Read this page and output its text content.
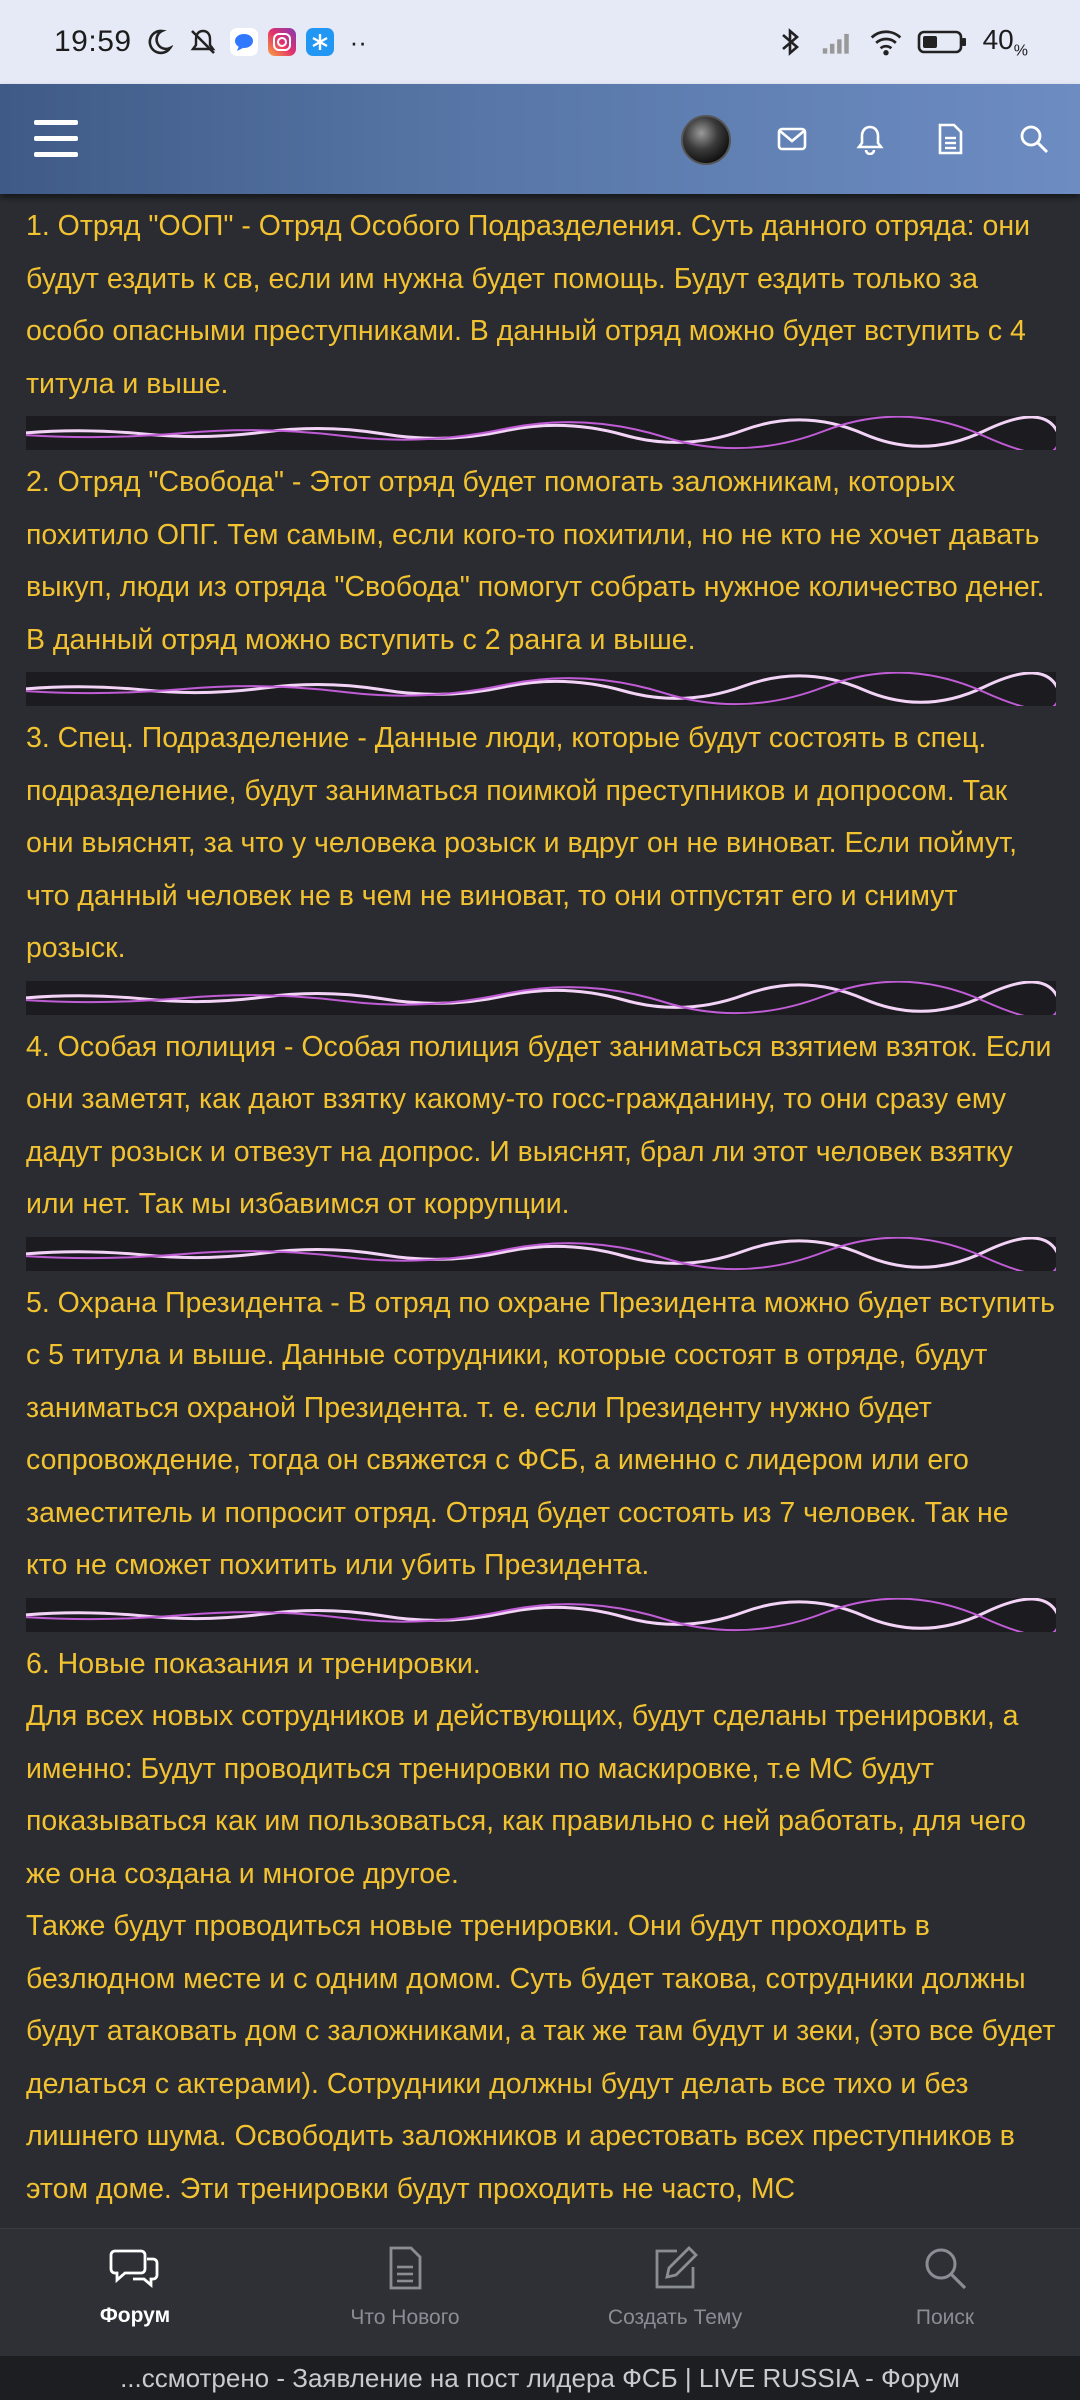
19:59	··	$40_{\%}$

1. Отряд "ООП" - Отряд Особого Подразделения. Суть данного отряда: они будут ездить к св, если им нужна будет помощь. Будут ездить только за особо опасными преступниками. В данный отряд можно будет вступить с 4 титула и выше.

2. Отряд "Свобода" - Этот отряд будет помогать заложникам, которых похитило ОПГ. Тем самым, если кого-то похитили, но не кто не хочет давать выкуп, люди из отряда "Свобода" помогут собрать нужное количество денег. В данный отряд можно вступить с 2 ранга и выше.

3. Спец. Подразделение - Данные люди, которые будут состоять в спец. подразделение, будут заниматься поимкой преступников и допросом. Так они выяснят, за что у человека розыск и вдруг он не виноват. Если поймут, что данный человек не в чем не виноват, то они отпустят его и снимут розыск.

4. Особая полиция - Особая полиция будет заниматься взятием взяток. Если они заметят, как дают взятку какому-то госс-гражданину, то они сразу ему дадут розыск и отвезут на допрос. И выяснят, брал ли этот человек взятку или нет. Так мы избавимся от коррупции.

5. Охрана Президента - В отряд по охране Президента можно будет вступить с 5 титула и выше. Данные сотрудники, которые состоят в отряде, будут заниматься охраной Президента. т. е. если Президенту нужно будет сопровождение, тогда он свяжется с ФСБ, а именно с лидером или его заместитель и попросит отряд. Отряд будет состоять из 7 человек. Так не кто не сможет похитить или убить Президента.

6. Новые показания и тренировки.

Для всех новых сотрудников и действующих, будут сделаны тренировки, а именно: Будут проводиться тренировки по маскировке, т.е МС будут показываться как им пользоваться, как правильно с ней работать, для чего же она создана и многое другое.

Также будут проводиться новые тренировки. Они будут проходить в безлюдном месте и с одним домом. Суть будет такова, сотрудники должны будут атаковать дом с заложниками, а так же там будут и зеки, (это все будет делаться с актерами). Сотрудники должны будут делать все тихо и без лишнего шума. Освободить заложников и арестовать всех преступников в этом доме. Эти тренировки будут проходить не часто, МС

Форум	Что Нового	Создать Тему	Поиск
...ссмотрено - Заявление на пост лидера ФСБ | LIVE RUSSIA - Форум
